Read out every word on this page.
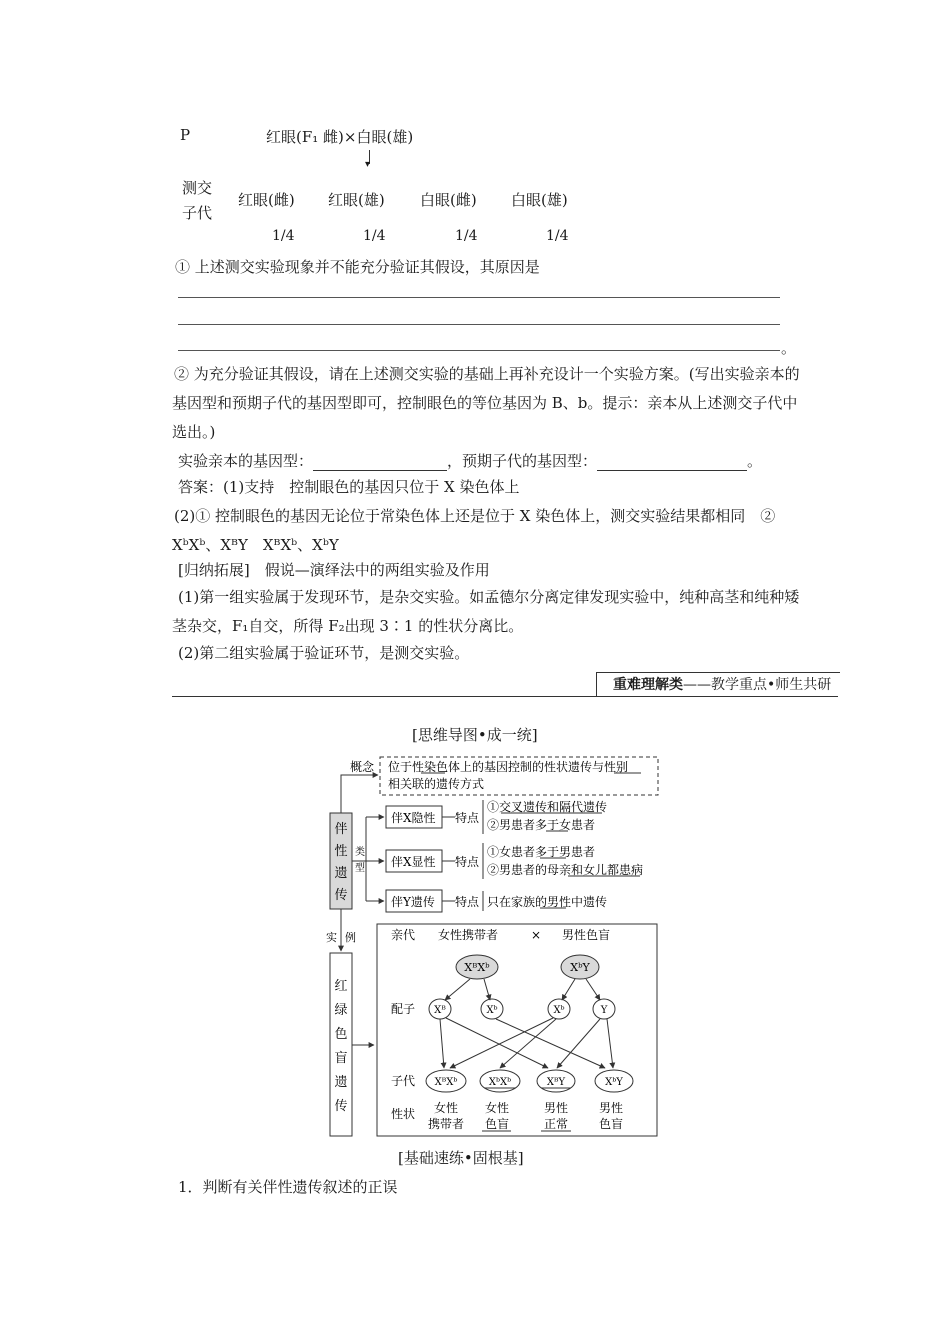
P	红眼(F₁ 雌)×白眼(雄)
▾
测交
子代
红眼(雌) 红眼(雄) 白眼(雌) 白眼(雄)
1/4	1/4	1/4	1/4
① 上述测交实验现象并不能充分验证其假设，其原因是
。
② 为充分验证其假设，请在上述测交实验的基础上再补充设计一个实验方案。(写出实验亲本的基因型和预期子代的基因型即可，控制眼色的等位基因为 B、b。提示：亲本从上述测交子代中选出。)
实验亲本的基因型：	，预期子代的基因型：	。
答案：(1)支持　控制眼色的基因只位于 X 染色体上
(2)① 控制眼色的基因无论位于常染色体上还是位于 X 染色体上，测交实验结果都相同　② XᵇXᵇ、XᴮY　XᴮXᵇ、XᵇY
[归纳拓展]　假说—演绎法中的两组实验及作用
(1)第一组实验属于发现环节，是杂交实验。如孟德尔分离定律发现实验中，纯种高茎和纯种矮茎杂交，F₁自交，所得 F₂出现 3∶1 的性状分离比。
(2)第二组实验属于验证环节，是测交实验。
重难理解类——教学重点•师生共研
[思维导图•成一统]
伴
性
遗
传
概念 位于性染色体上的基因控制的性状遗传与性别
相关联的遗传方式
类
型
伴X隐性 特点
①交叉遗传和隔代遗传
②男患者多于女患者
伴X显性 特点
①女患者多于男患者
②男患者的母亲和女儿都患病
伴Y遗传 特点 只在家族的男性中遗传
实 例
红
绿
色
盲
遗
传
亲代 女性携带者	× 男性色盲
XᴮXᵇ	XᵇY
配子 Xᴮ	Xᵇ	Xᵇ	Y
子代 XᴮXᵇ	XᵇXᵇ	XᴮY	XᵇY
性状 女性
携带者
女性
色盲
男性
正常
男性
色盲
[基础速练•固根基]
1．判断有关伴性遗传叙述的正误
